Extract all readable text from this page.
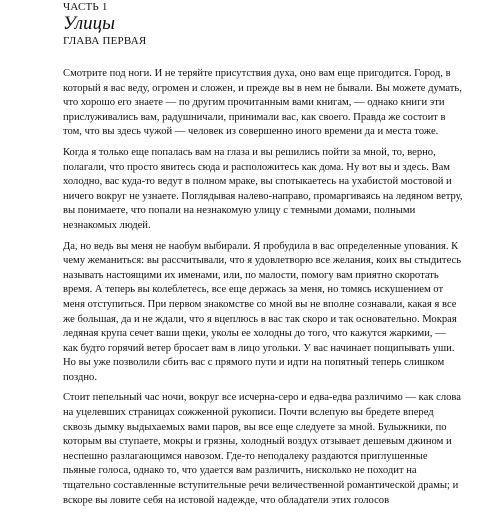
ЧАСТЬ 1
Улицы
ГЛАВА ПЕРВАЯ

Смотрите под ноги. И не теряйте присутствия духа, оно вам еще пригодится. Город, в который я вас веду, огромен и сложен, и прежде вы в нем не бывали. Вы можете думать, что хорошо его знаете — по другим прочитанным вами книгам, — однако книги эти прислуживались вам, радушничали, принимали вас, как своего. Правда же состоит в том, что вы здесь чужой — человек из совершенно иного времени да и места тоже.

Когда я только еще попалась вам на глаза и вы решились пойти за мной, то, верно, полагали, что просто явитесь сюда и расположитесь как дома. Ну вот вы и здесь. Вам холодно, вас куда-то ведут в полном мраке, вы спотыкаетесь на ухабистой мостовой и ничего вокруг не узнаете. Поглядывая налево-направо, промаргиваясь на ледяном ветру, вы понимаете, что попали на незнакомую улицу с темными домами, полными незнакомых людей.

Да, но ведь вы меня не наобум выбирали. Я пробудила в вас определенные упования. К чему жеманиться: вы рассчитывали, что я удовлетворю все желания, коих вы стыдитесь называть настоящими их именами, или, по малости, помогу вам приятно скоротать время. А теперь вы колеблетесь, все еще держась за меня, но томясь искушением от меня отступиться. При первом знакомстве со мной вы не вполне сознавали, какая я все же большая, да и не ждали, что я вцеплюсь в вас так скоро и так основательно. Мокрая ледяная крупа сечет ваши щеки, уколы ее холодны до того, что кажутся жаркими, — как будто горячий ветер бросает вам в лицо угольки. У вас начинает пощипывать уши. Но вы уже позволили сбить вас с прямого пути и идти на попятный теперь слишком поздно.

Стоит пепельный час ночи, вокруг все исчерна-серо и едва-едва различимо — как слова на уцелевших страницах сожженной рукописи. Почти вслепую вы бредете вперед сквозь дымку выдыхаемых вами паров, вы все еще следуете за мной. Булыжники, по которым вы ступаете, мокры и грязны, холодный воздух отзывает дешевым джином и неспешно разлагающимся навозом. Где-то неподалеку раздаются приглушенные пьяные голоса, однако то, что удается вам различить, нисколько не походит на тщательно составленные вступительные речи величественной романтической драмы; и вскоре вы ловите себя на истовой надежде, что обладатели этих голосов
